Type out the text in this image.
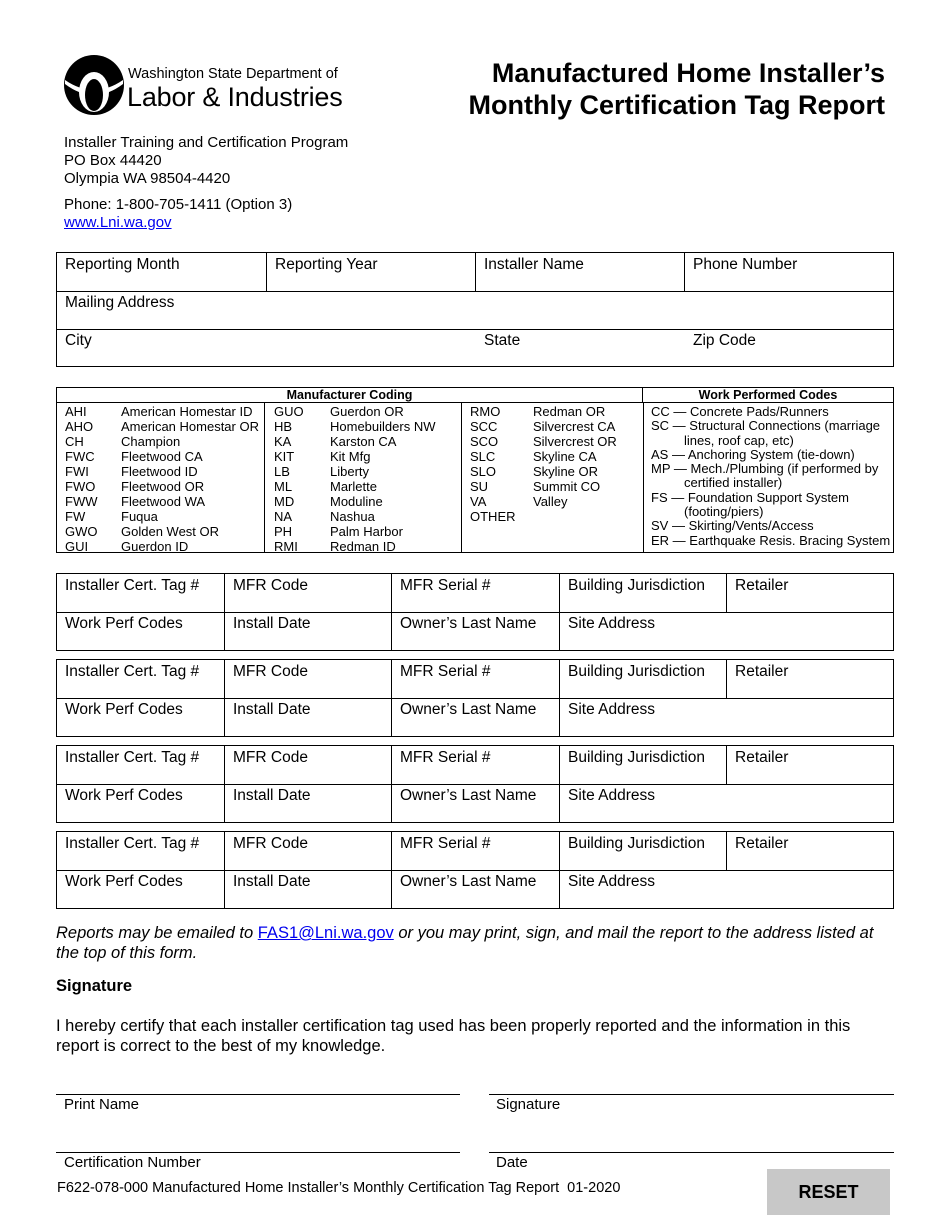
Washington State Department of
Labor & Industries
Manufactured Home Installer’s
Monthly Certification Tag Report
Installer Training and Certification Program
PO Box 44420
Olympia WA 98504-4420
Phone: 1-800-705-1411 (Option 3)
www.Lni.wa.gov
Reporting Month	Reporting Year	Installer Name	Phone Number
Mailing Address
City	State	Zip Code
Manufacturer Coding	Work Performed Codes
AHI	American Homestar ID
AHO	American Homestar OR
CH	Champion
FWC	Fleetwood CA
FWI	Fleetwood ID
FWO	Fleetwood OR
FWW	Fleetwood WA
FW	Fuqua
GWO	Golden West OR
GUI	Guerdon ID
GUO	Guerdon OR
HB	Homebuilders NW
KA	Karston CA
KIT	Kit Mfg
LB	Liberty
ML	Marlette
MD	Moduline
NA	Nashua
PH	Palm Harbor
RMI	Redman ID
RMO	Redman OR
SCC	Silvercrest CA
SCO	Silvercrest OR
SLC	Skyline CA
SLO	Skyline OR
SU	Summit CO
VA	Valley
OTHER
CC — Concrete Pads/Runners
SC — Structural Connections (marriage
lines, roof cap, etc)
AS — Anchoring System (tie-down)
MP — Mech./Plumbing (if performed by
certified installer)
FS — Foundation Support System
(footing/piers)
SV — Skirting/Vents/Access
ER — Earthquake Resis. Bracing System
Installer Cert. Tag #	MFR Code	MFR Serial #	Building Jurisdiction	Retailer
Work Perf Codes	Install Date	Owner’s Last Name	Site Address
Installer Cert. Tag #	MFR Code	MFR Serial #	Building Jurisdiction	Retailer
Work Perf Codes	Install Date	Owner’s Last Name	Site Address
Installer Cert. Tag #	MFR Code	MFR Serial #	Building Jurisdiction	Retailer
Work Perf Codes	Install Date	Owner’s Last Name	Site Address
Installer Cert. Tag #	MFR Code	MFR Serial #	Building Jurisdiction	Retailer
Work Perf Codes	Install Date	Owner’s Last Name	Site Address
Reports may be emailed to FAS1@Lni.wa.gov or you may print, sign, and mail the report to the address listed at the top of this form.
Signature
I hereby certify that each installer certification tag used has been properly reported and the information in this report is correct to the best of my knowledge.
Print Name	Signature
Certification Number	Date
F622-078-000 Manufactured Home Installer’s Monthly Certification Tag Report  01-2020	RESET
